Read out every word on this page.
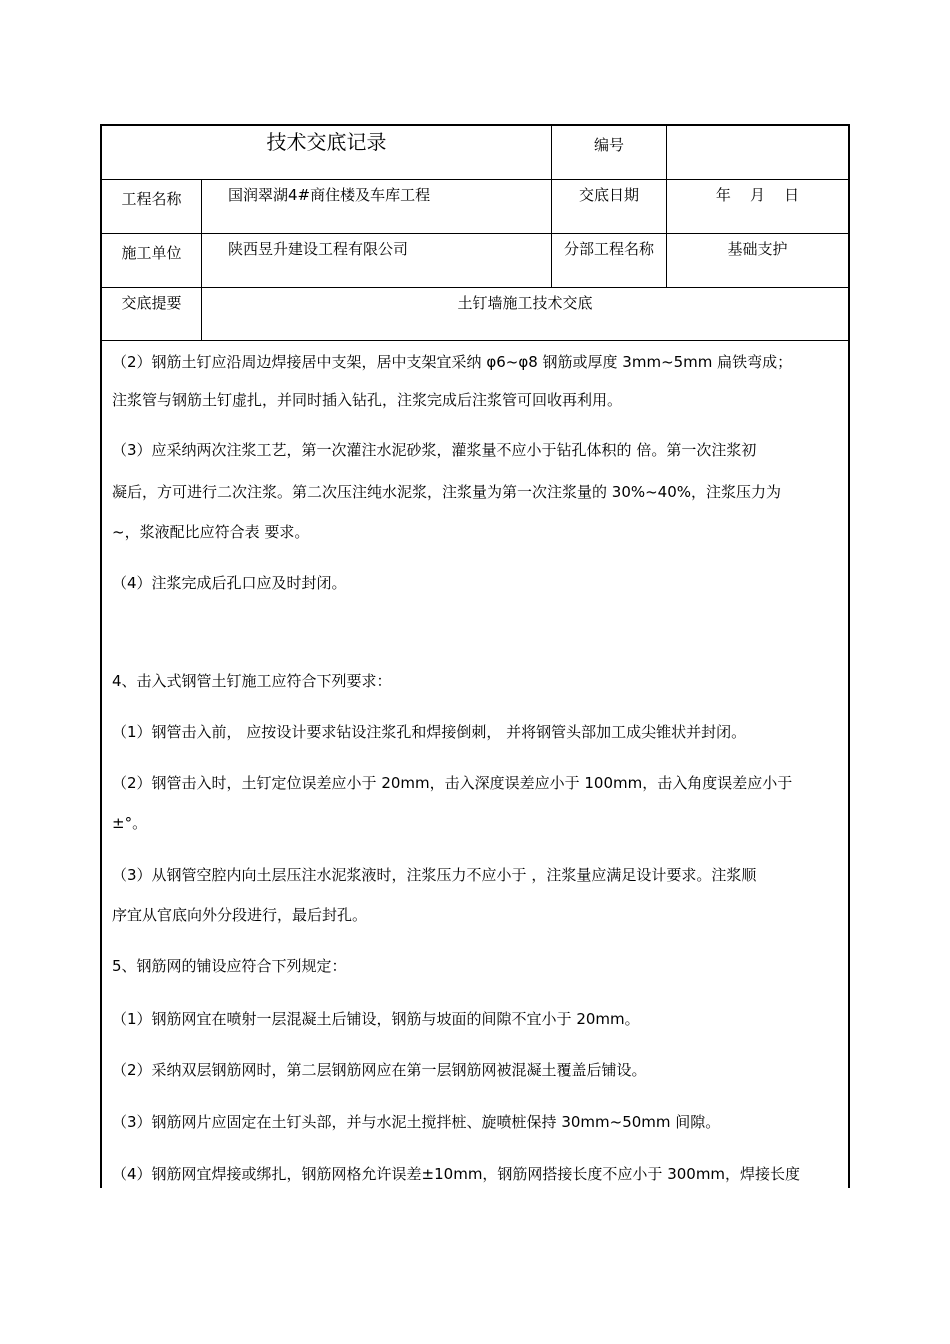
技术交底记录	编号
工程名称	国润翠湖4#商住楼及车库工程	交底日期	年    月    日
施工单位	陕西昱升建设工程有限公司	分部工程名称	基础支护
交底提要	土钉墙施工技术交底
（2）钢筋土钉应沿周边焊接居中支架，居中支架宜采纳 φ6~φ8 钢筋或厚度 3mm~5mm 扁铁弯成；
注浆管与钢筋土钉虚扎，并同时插入钻孔，注浆完成后注浆管可回收再利用。
（3）应采纳两次注浆工艺，第一次灌注水泥砂浆，灌浆量不应小于钻孔体积的 倍。第一次注浆初
凝后，方可进行二次注浆。第二次压注纯水泥浆，注浆量为第一次注浆量的 30%~40%，注浆压力为
~，浆液配比应符合表 要求。
（4）注浆完成后孔口应及时封闭。
4、击入式钢管土钉施工应符合下列要求：
（1）钢管击入前， 应按设计要求钻设注浆孔和焊接倒刺， 并将钢管头部加工成尖锥状并封闭。
（2）钢管击入时，土钉定位误差应小于 20mm，击入深度误差应小于 100mm，击入角度误差应小于
±°。
（3）从钢管空腔内向土层压注水泥浆液时，注浆压力不应小于 ，注浆量应满足设计要求。注浆顺
序宜从官底向外分段进行，最后封孔。
5、钢筋网的铺设应符合下列规定：
（1）钢筋网宜在喷射一层混凝土后铺设，钢筋与坡面的间隙不宜小于 20mm。
（2）采纳双层钢筋网时，第二层钢筋网应在第一层钢筋网被混凝土覆盖后铺设。
（3）钢筋网片应固定在土钉头部，并与水泥土搅拌桩、旋喷桩保持 30mm~50mm 间隙。
（4）钢筋网宜焊接或绑扎，钢筋网格允许误差±10mm，钢筋网搭接长度不应小于 300mm，焊接长度
